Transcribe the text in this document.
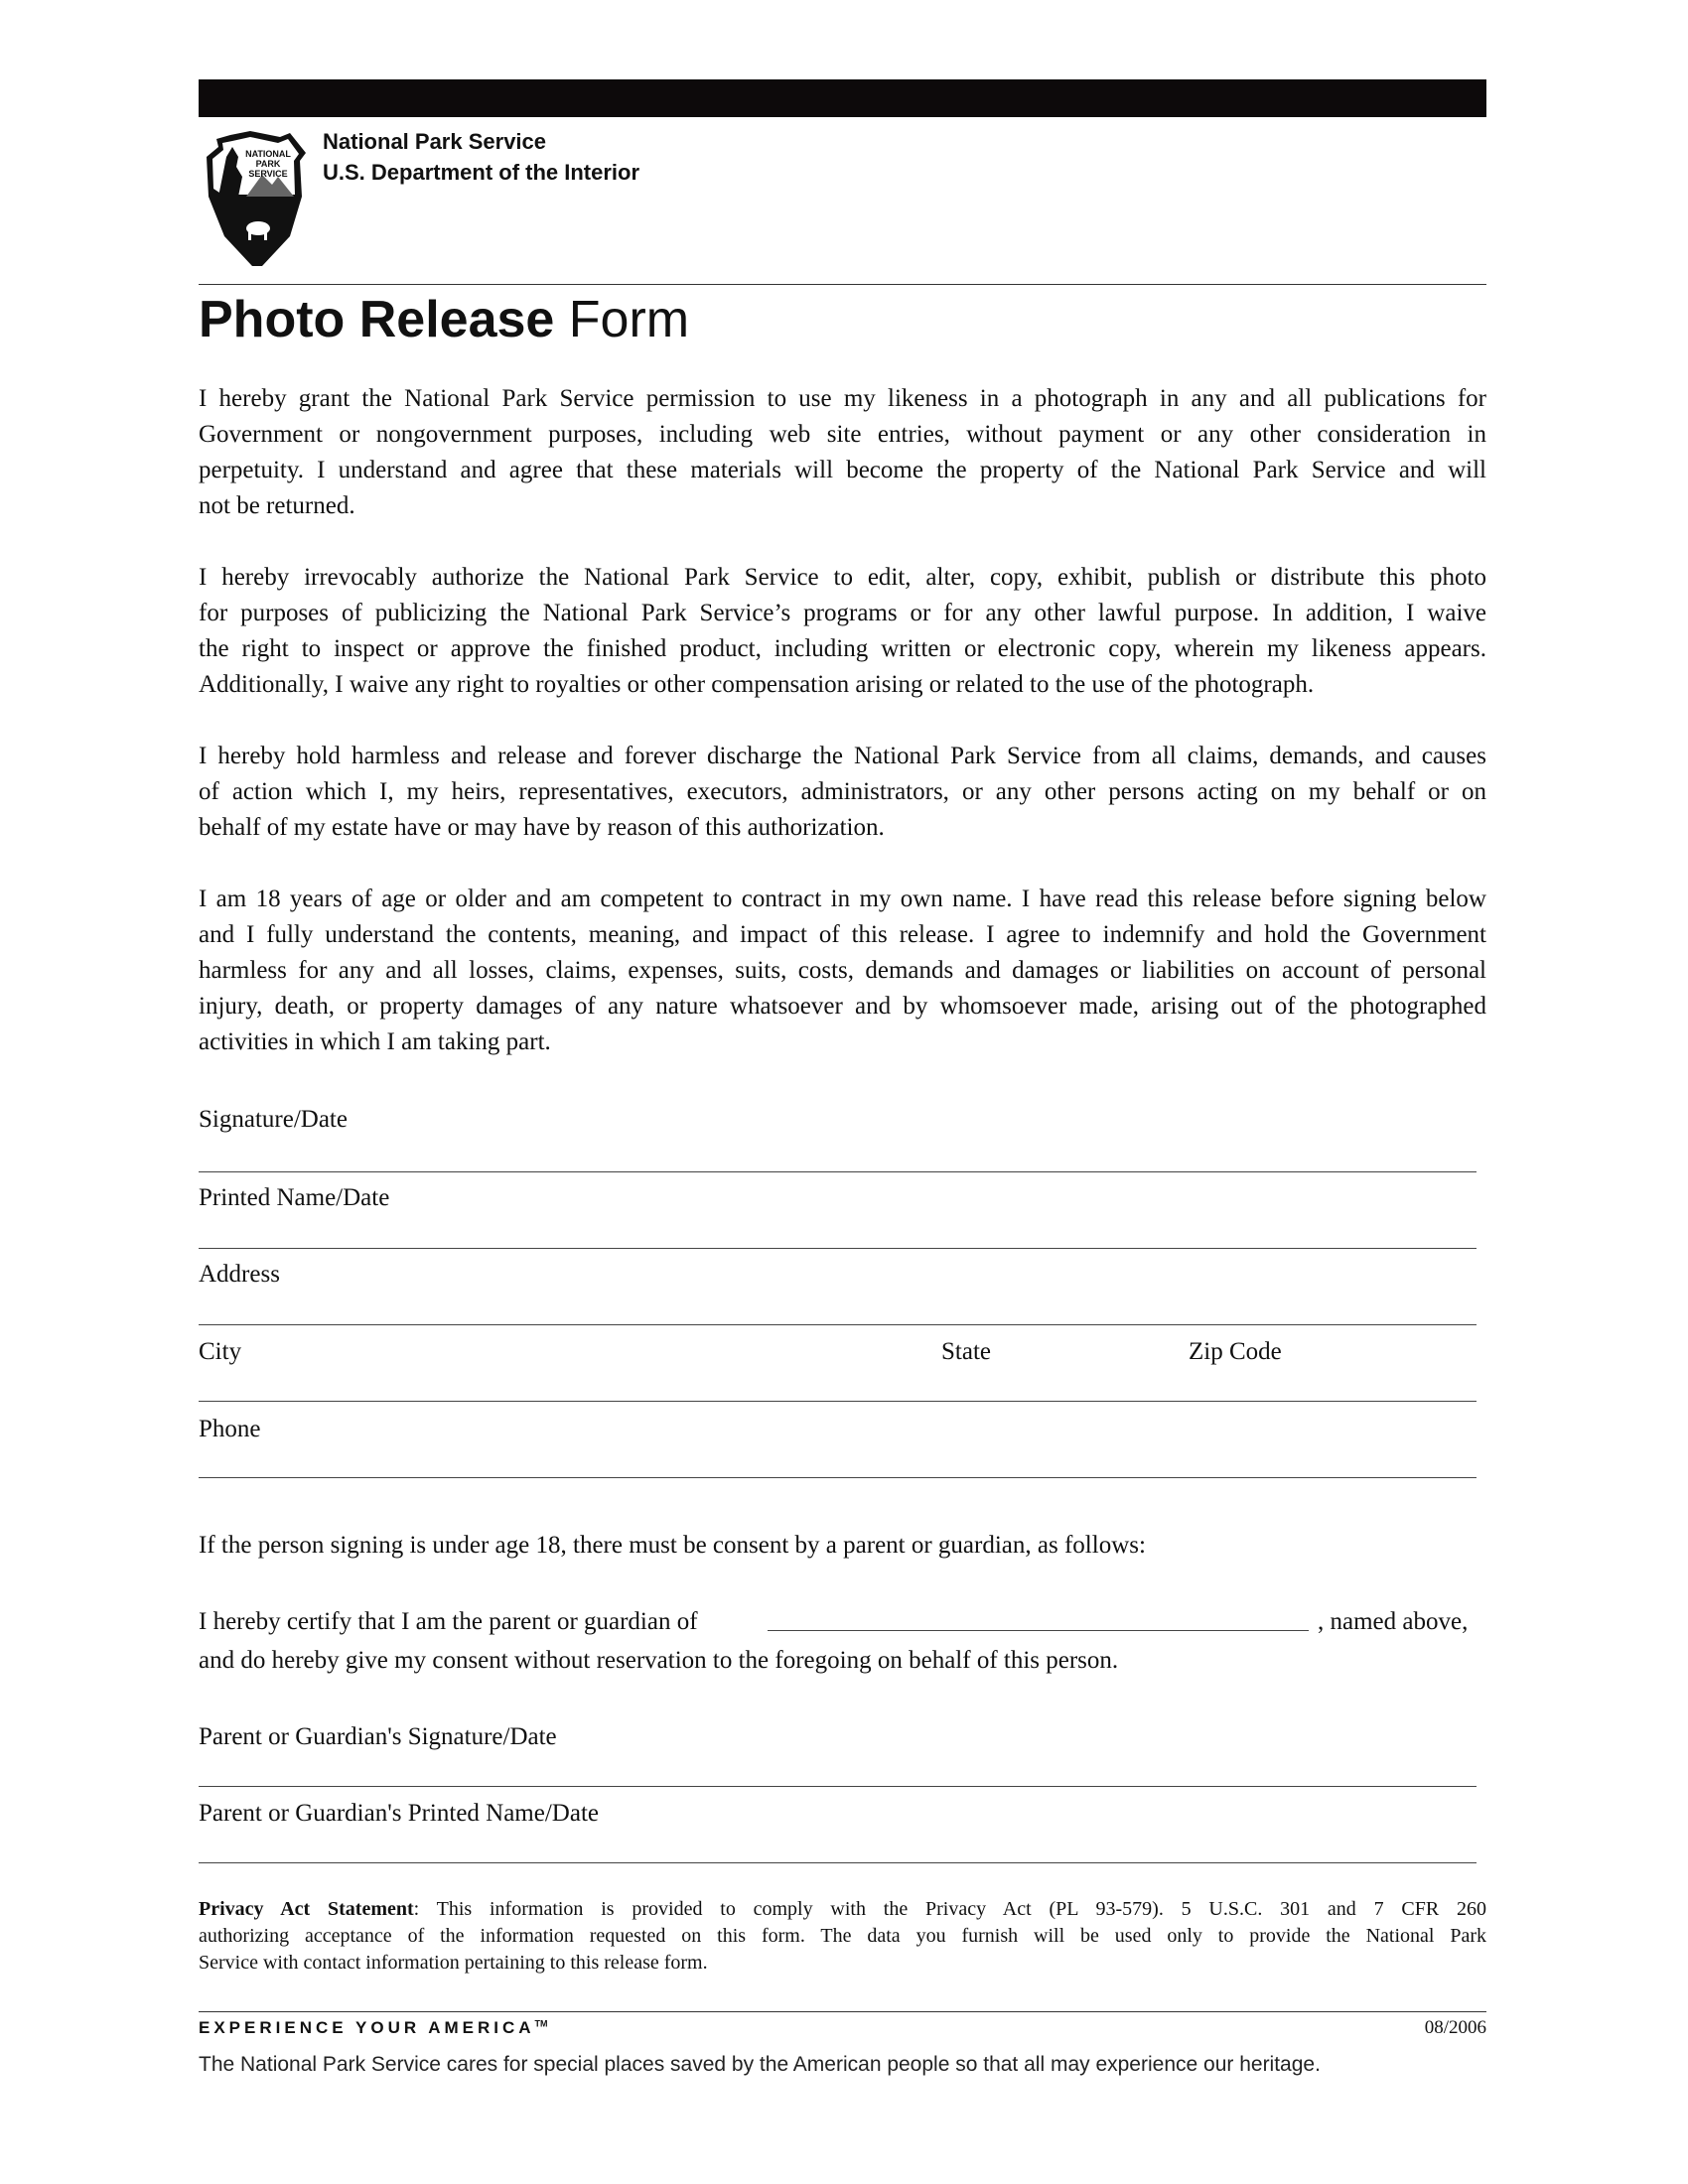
NATIONAL
PARK
SERVICE
National Park Service
U.S. Department of the Interior
Photo Release Form
I hereby grant the National Park Service permission to use my likeness in a photograph in any and all publications for
Government or nongovernment purposes, including web site entries, without payment or any other consideration in
perpetuity. I understand and agree that these materials will become the property of the National Park Service and will
not be returned.
I hereby irrevocably authorize the National Park Service to edit, alter, copy, exhibit, publish or distribute this photo
for purposes of publicizing the National Park Service’s programs or for any other lawful purpose. In addition, I waive
the right to inspect or approve the finished product, including written or electronic copy, wherein my likeness appears.
Additionally, I waive any right to royalties or other compensation arising or related to the use of the photograph.
I hereby hold harmless and release and forever discharge the National Park Service from all claims, demands, and causes
of action which I, my heirs, representatives, executors, administrators, or any other persons acting on my behalf or on
behalf of my estate have or may have by reason of this authorization.
I am 18 years of age or older and am competent to contract in my own name. I have read this release before signing below
and I fully understand the contents, meaning, and impact of this release. I agree to indemnify and hold the Government
harmless for any and all losses, claims, expenses, suits, costs, demands and damages or liabilities on account of personal
injury, death, or property damages of any nature whatsoever and by whomsoever made, arising out of the photographed
activities in which I am taking part.
Signature/Date
Printed Name/Date
Address
City	State	Zip Code
Phone
If the person signing is under age 18, there must be consent by a parent or guardian, as follows:
I hereby certify that I am the parent or guardian of	, named above,
and do hereby give my consent without reservation to the foregoing on behalf of this person.
Parent or Guardian's Signature/Date
Parent or Guardian's Printed Name/Date
Privacy Act Statement: This information is provided to comply with the Privacy Act (PL 93-579). 5 U.S.C. 301 and 7 CFR 260
authorizing acceptance of the information requested on this form. The data you furnish will be used only to provide the National Park
Service with contact information pertaining to this release form.
EXPERIENCE YOUR AMERICA™	08/2006
The National Park Service cares for special places saved by the American people so that all may experience our heritage.
